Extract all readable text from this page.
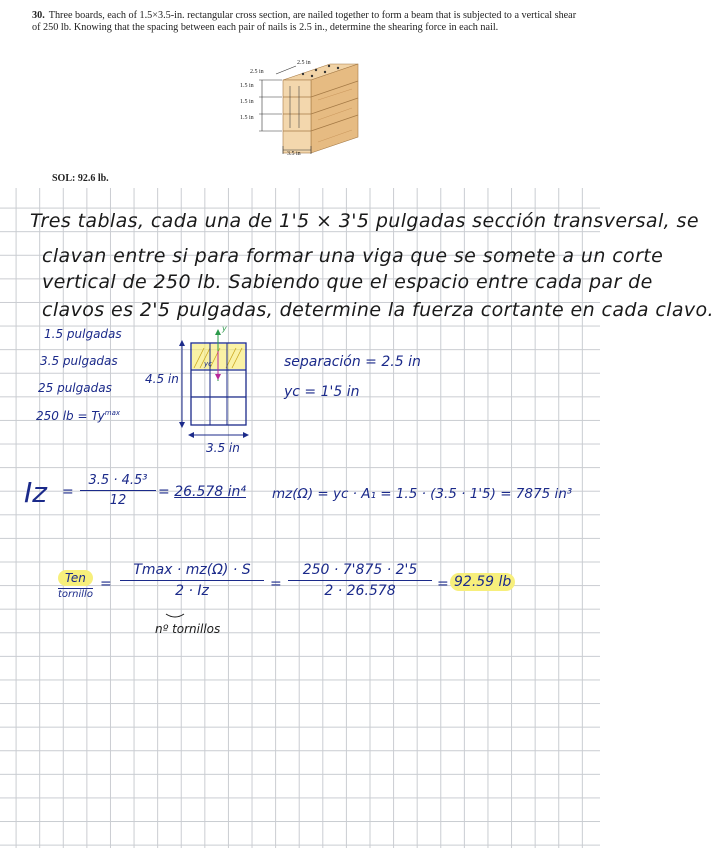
30. Three boards, each of 1.5×3.5-in. rectangular cross section, are nailed together to form a beam that is subjected to a vertical shear of 250 lb. Knowing that the spacing between each pair of nails is 2.5 in., determine the shearing force in each nail.
2.5 in
2.5 in
1.5 in
1.5 in
1.5 in
3.5 in
SOL: 92.6 lb.
Tres tablas, cada una de 1'5 × 3'5 pulgadas sección transversal, se
clavan entre si para formar una viga que se somete a un corte
vertical de 250 lb. Sabiendo que el espacio entre cada par de
clavos es 2'5 pulgadas, determine la fuerza cortante en cada clavo.
1.5 pulgadas
3.5 pulgadas
25 pulgadas
250 lb = $Ty^{max}$
y
yc
4.5 in
3.5 in
separación = 2.5 in
yc = 1'5 in
Iz =
3.5 · 4.5³
12
= 26.578 in⁴ mz(Ω) = yc · A₁ = 1.5 · (3.5 · 1'5) = 7875 in³
Ten
tornillo
=
Tmax · mz(Ω) · S
2 · Iz	=
250 · 7'875 · 2'5
2 · 26.578	= 92.59 lb
nº tornillos
